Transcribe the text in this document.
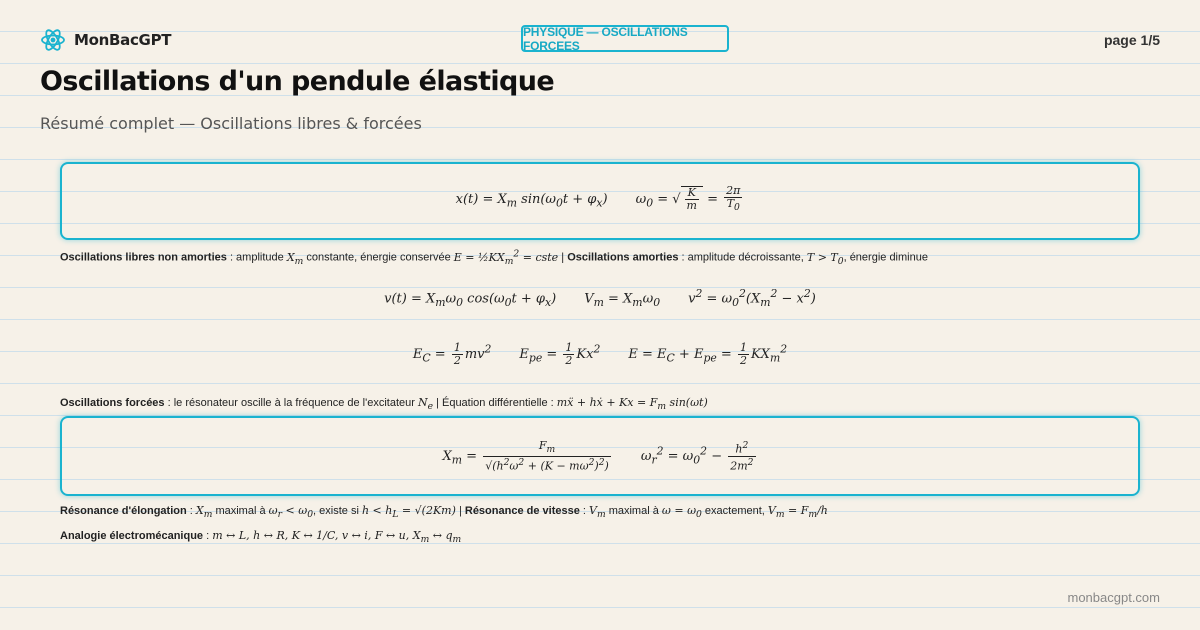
MonBacGPT	PHYSIQUE — OSCILLATIONS FORCEES	page 1/5
Oscillations d'un pendule élastique
Résumé complet — Oscillations libres & forcées
$x(t) = X_m$ $\sin(\omega_0t + \varphi_x) \omega_0$ = √ $\frac{K}{m} = \frac{2\pi}{T_0}$
Oscillations libres non amorties : amplitude $X_m$ constante, énergie conservée $E = \frac{1}{2}KX_m^2$ = cste | Oscillations amorties : amplitude décroissante, $T > T_0$, énergie diminue
$v(t) = X_m\omega_0$ $\cos(\omega_0t + \varphi_x) V_m = X_m\omega_0$ $v^2 = \omega_0^2(X_m^2 - x^2)$
$E_C = \frac{1}{2} mv^2$ $E_{pe} = \frac{1}{2} Kx^2$ $E = E_C + E_{pe} = \frac{1}{2} KX_m^2$
Oscillations forcées : le résonateur oscille à la fréquence de l'excitateur $N_e$ | Équation différentielle : mẍ + hẋ + $Kx = F_m$ sin(ωt)
$X_m = \frac{F_m}{√(h^2\omega^2 + (K - m\omega^2)^2)} \omega_r^2 = \omega_0^2 - \frac{h^2}{2m^2}$
Résonance d'élongation : $X_m$ maximal à $\omega_r < \omega_0$, existe si $h < h_L = √(2Km)$ | Résonance de vitesse : $V_m$ maximal à $\omega = \omega_0$ exactement, $V_m = F_m/h$
Analogie électromécanique : m ↔ L, h ↔ R, K ↔ 1/C, v ↔ i, F ↔ u, $X_m$ ↔ $q_m$
monbacgpt.com
